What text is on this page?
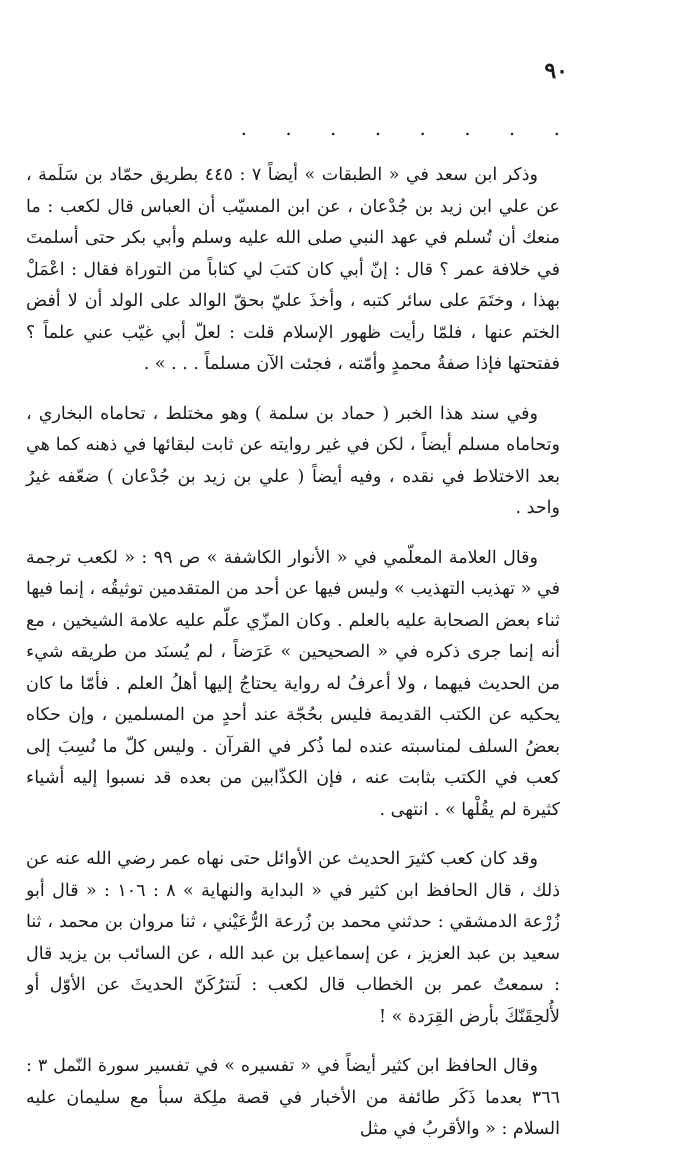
٩٠
. . . . . . . .

وذكر ابن سعد في « الطبقات » أيضاً ٧ : ٤٤٥ بطريق حمّاد بن سَلَمة ، عن علي ابن زيد بن جُدْعان ، عن ابن المسيّب أن العباس قال لكعب : ما منعك أن تُسلم في عهد النبي صلى الله عليه وسلم وأبي بكر حتى أسلمتَ في خلافة عمر ؟ قال : إنّ أبي كان كتبَ لي كتاباً من التوراة فقال : اعْمَلْ بهذا ، وختَمَ على سائر كتبه ، وأخذَ عليّ بحقّ الوالد على الولد أن لا أفض الختم عنها ، فلمّا رأيت ظهور الإسلام قلت : لعلّ أبي غيّب عني علماً ؟ ففتحتها فإذا صفةُ محمدٍ وأمّته ، فجئت الآن مسلماً . . . » .

وفي سند هذا الخبر ( حماد بن سلمة ) وهو مختلط ، تحاماه البخاري ، وتحاماه مسلم أيضاً ، لكن في غير روايته عن ثابت لبقائها في ذهنه كما هي بعد الاختلاط في نقده ، وفيه أيضاً ( علي بن زيد بن جُدْعان ) ضعّفه غيرُ واحد .

وقال العلامة المعلّمي في « الأنوار الكاشفة » ص ٩٩ : « لكعب ترجمة في « تهذيب التهذيب » وليس فيها عن أحد من المتقدمين توثيقُه ، إنما فيها ثناء بعض الصحابة عليه بالعلم . وكان المزّي علّم عليه علامة الشيخين ، مع أنه إنما جرى ذكره في « الصحيحين » عَرَضاً ، لم يُسنَد من طريقه شيء من الحديث فيهما ، ولا أعرفُ له رواية يحتاجُ إليها أهلُ العلم . فأمّا ما كان يحكيه عن الكتب القديمة فليس بحُجّة عند أحدٍ من المسلمين ، وإن حكاه بعضُ السلف لمناسبته عنده لما ذُكر في القرآن . وليس كلّ ما نُسِبَ إلى كعب في الكتب بثابت عنه ، فإن الكذّابين من بعده قد نسبوا إليه أشياء كثيرة لم يقُلْها » . انتهى .

وقد كان كعب كثيرَ الحديث عن الأوائل حتى نهاه عمر رضي الله عنه عن ذلك ، قال الحافظ ابن كثير في « البداية والنهاية » ٨ : ١٠٦ : « قال أبو زُرْعة الدمشقي : حدثني محمد بن زُرعة الرُّعَيْني ، ثنا مروان بن محمد ، ثنا سعيد بن عبد العزيز ، عن إسماعيل بن عبد الله ، عن السائب بن يزيد قال : سمعتُ عمر بن الخطاب قال لكعب : لَتترُكَنّ الحديثَ عن الأوّل أو لأُلحِقَنّكَ بأرض القِرَدة » !

وقال الحافظ ابن كثير أيضاً في « تفسيره » في تفسير سورة النّمل ٣ : ٣٦٦ بعدما ذَكَر طائفة من الأخبار في قصة ملِكة سبأ مع سليمان عليه السلام : « والأقربُ في مثل
